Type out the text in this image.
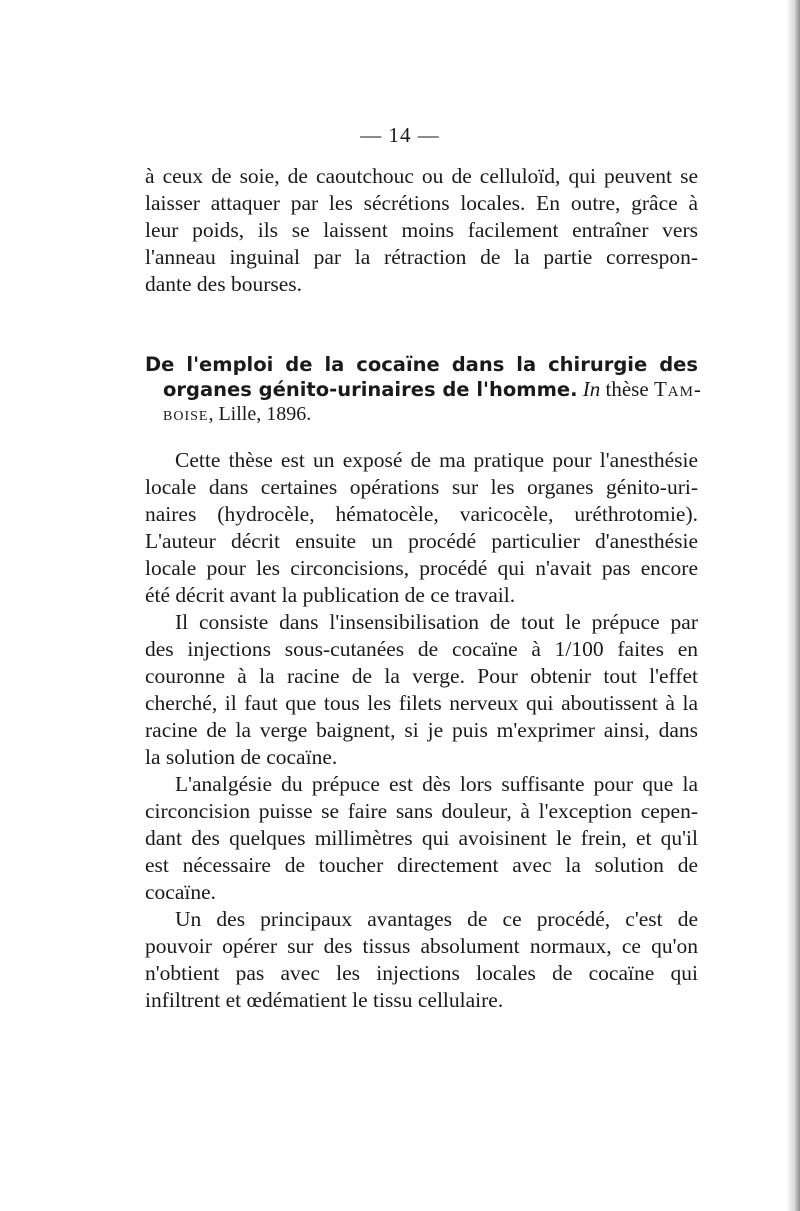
— 14 —
à ceux de soie, de caoutchouc ou de celluloïd, qui peuvent se
laisser attaquer par les sécrétions locales. En outre, grâce à
leur poids, ils se laissent moins facilement entraîner vers
l'anneau inguinal par la rétraction de la partie correspon-
dante des bourses.
De l'emploi de la cocaïne dans la chirurgie des
organes génito-urinaires de l'homme. In thèse Tam-
boise, Lille, 1896.

Cette thèse est un exposé de ma pratique pour l'anesthésie
locale dans certaines opérations sur les organes génito-uri-
naires (hydrocèle, hématocèle, varicocèle, uréthrotomie).
L'auteur décrit ensuite un procédé particulier d'anesthésie
locale pour les circoncisions, procédé qui n'avait pas encore
été décrit avant la publication de ce travail.

Il consiste dans l'insensibilisation de tout le prépuce par
des injections sous-cutanées de cocaïne à 1/100 faites en
couronne à la racine de la verge. Pour obtenir tout l'effet
cherché, il faut que tous les filets nerveux qui aboutissent à la
racine de la verge baignent, si je puis m'exprimer ainsi, dans
la solution de cocaïne.

L'analgésie du prépuce est dès lors suffisante pour que la
circoncision puisse se faire sans douleur, à l'exception cepen-
dant des quelques millimètres qui avoisinent le frein, et qu'il
est nécessaire de toucher directement avec la solution de
cocaïne.

Un des principaux avantages de ce procédé, c'est de
pouvoir opérer sur des tissus absolument normaux, ce qu'on
n'obtient pas avec les injections locales de cocaïne qui
infiltrent et œdématient le tissu cellulaire.
